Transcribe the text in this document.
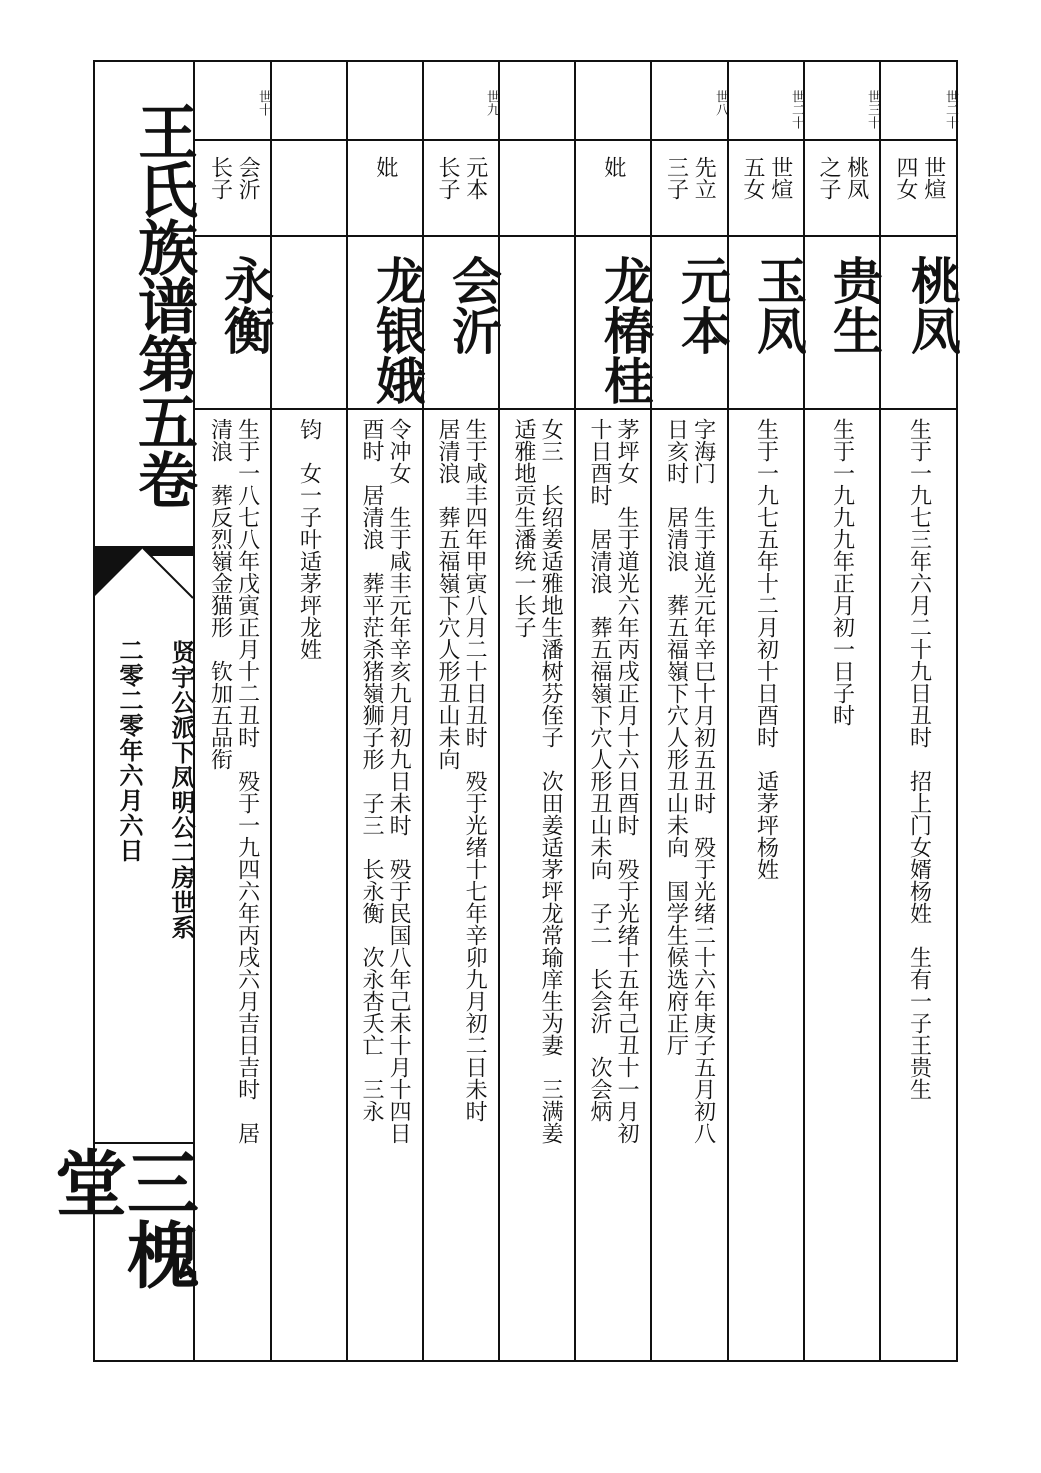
王氏族谱第五卷
贤宇公派下凤明公二房世系
二零二零年六月六日
三槐堂
世二十
世煊
四女
桃凤
生于一九七三年六月二十九日丑时　招上门女婿杨姓　生有一子王贵生
世三十
桃凤
之子
贵生
生于一九九九年正月初一日子时
世二十
世煊
五女
玉凤
生于一九七五年十二月初十日酉时　适茅坪杨姓
世八
先立
三子
元本
字海门　生于道光元年辛巳十月初五丑时　殁于光绪二十六年庚子五月初八
日亥时　居清浪　葬五福嶺下穴人形丑山未向　国学生候选府正厅
妣
龙椿桂
茅坪女　生于道光六年丙戌正月十六日酉时　殁于光绪十五年己丑十一月初
十日酉时　居清浪　葬五福嶺下穴人形丑山未向　子二　长会沂　次会炳
女三　长绍姜适雅地生潘树芬侄子　次田姜适茅坪龙常瑜庠生为妻　三满姜
适雅地贡生潘统一长子
世九
元本
长子
会沂
生于咸丰四年甲寅八月二十日丑时　殁于光绪十七年辛卯九月初二日未时
居清浪　葬五福嶺下穴人形丑山未向
妣
龙银娥
令冲女　生于咸丰元年辛亥九月初九日未时　殁于民国八年己未十月十四日
酉时　居清浪　葬平茫杀猪嶺狮子形　子三　长永衡　次永杏夭亡　三永
钧　女一子叶适茅坪龙姓
世十
会沂
长子
永衡
生于一八七八年戊寅正月十二丑时　殁于一九四六年丙戌六月吉日吉时　居
清浪　葬反烈嶺金猫形　钦加五品衔
